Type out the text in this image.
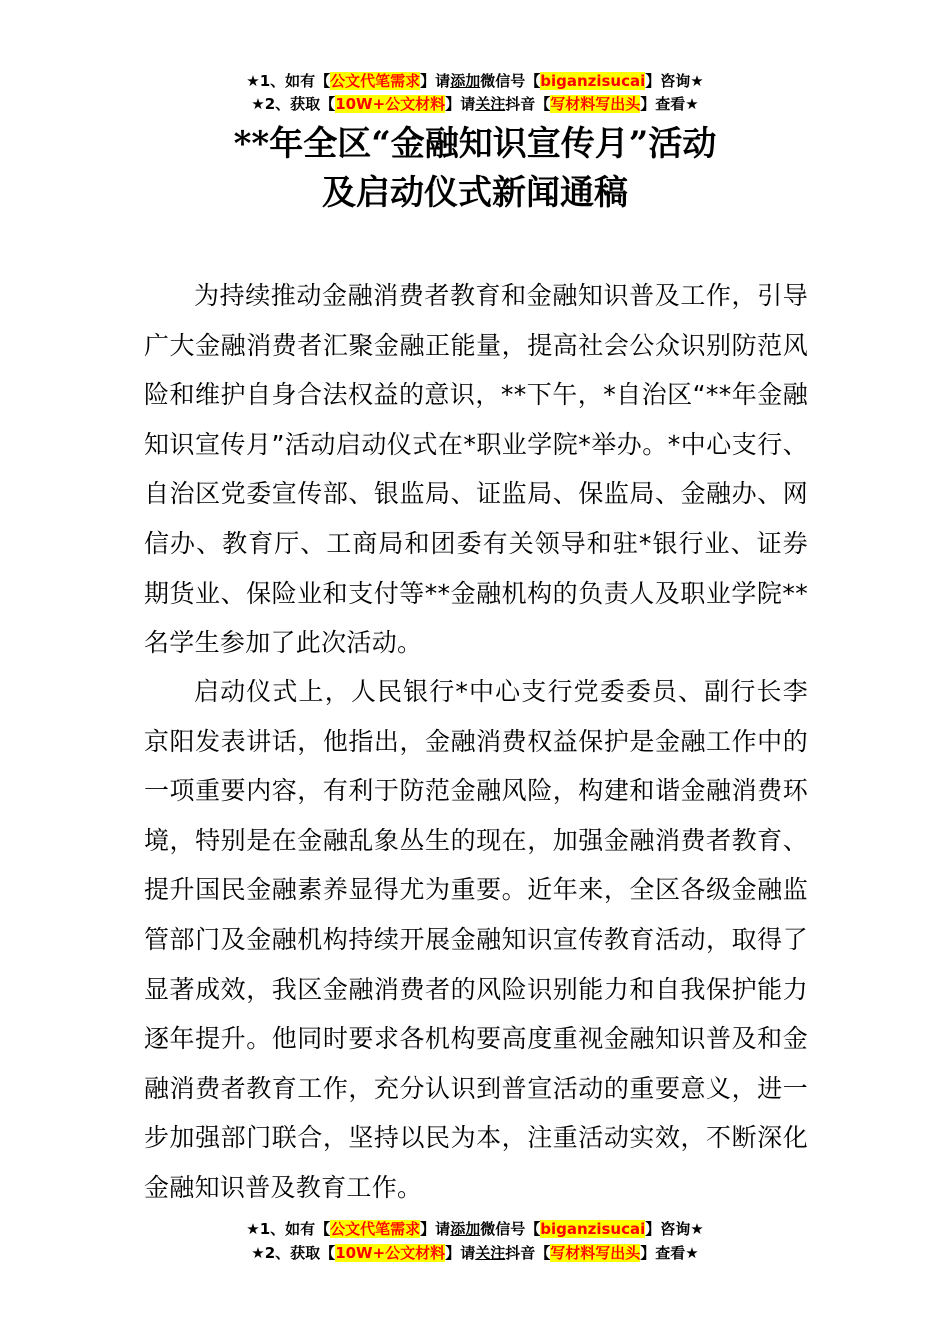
★1、如有【公文代笔需求】请添加微信号【biganzisucai】咨询★
★2、获取【10W+公文材料】请关注抖音【写材料写出头】查看★
**年全区“金融知识宣传月”活动
及启动仪式新闻通稿

为持续推动金融消费者教育和金融知识普及工作，引导广大金融消费者汇聚金融正能量，提高社会公众识别防范风险和维护自身合法权益的意识，**下午，*自治区“**年金融知识宣传月”活动启动仪式在*职业学院*举办。*中心支行、自治区党委宣传部、银监局、证监局、保监局、金融办、网信办、教育厅、工商局和团委有关领导和驻*银行业、证券期货业、保险业和支付等**金融机构的负责人及职业学院**名学生参加了此次活动。

启动仪式上，人民银行*中心支行党委委员、副行长李京阳发表讲话，他指出，金融消费权益保护是金融工作中的一项重要内容，有利于防范金融风险，构建和谐金融消费环境，特别是在金融乱象丛生的现在，加强金融消费者教育、提升国民金融素养显得尤为重要。近年来，全区各级金融监管部门及金融机构持续开展金融知识宣传教育活动，取得了显著成效，我区金融消费者的风险识别能力和自我保护能力逐年提升。他同时要求各机构要高度重视金融知识普及和金融消费者教育工作，充分认识到普宣活动的重要意义，进一步加强部门联合，坚持以民为本，注重活动实效，不断深化金融知识普及教育工作。

★1、如有【公文代笔需求】请添加微信号【biganzisucai】咨询★
★2、获取【10W+公文材料】请关注抖音【写材料写出头】查看★
